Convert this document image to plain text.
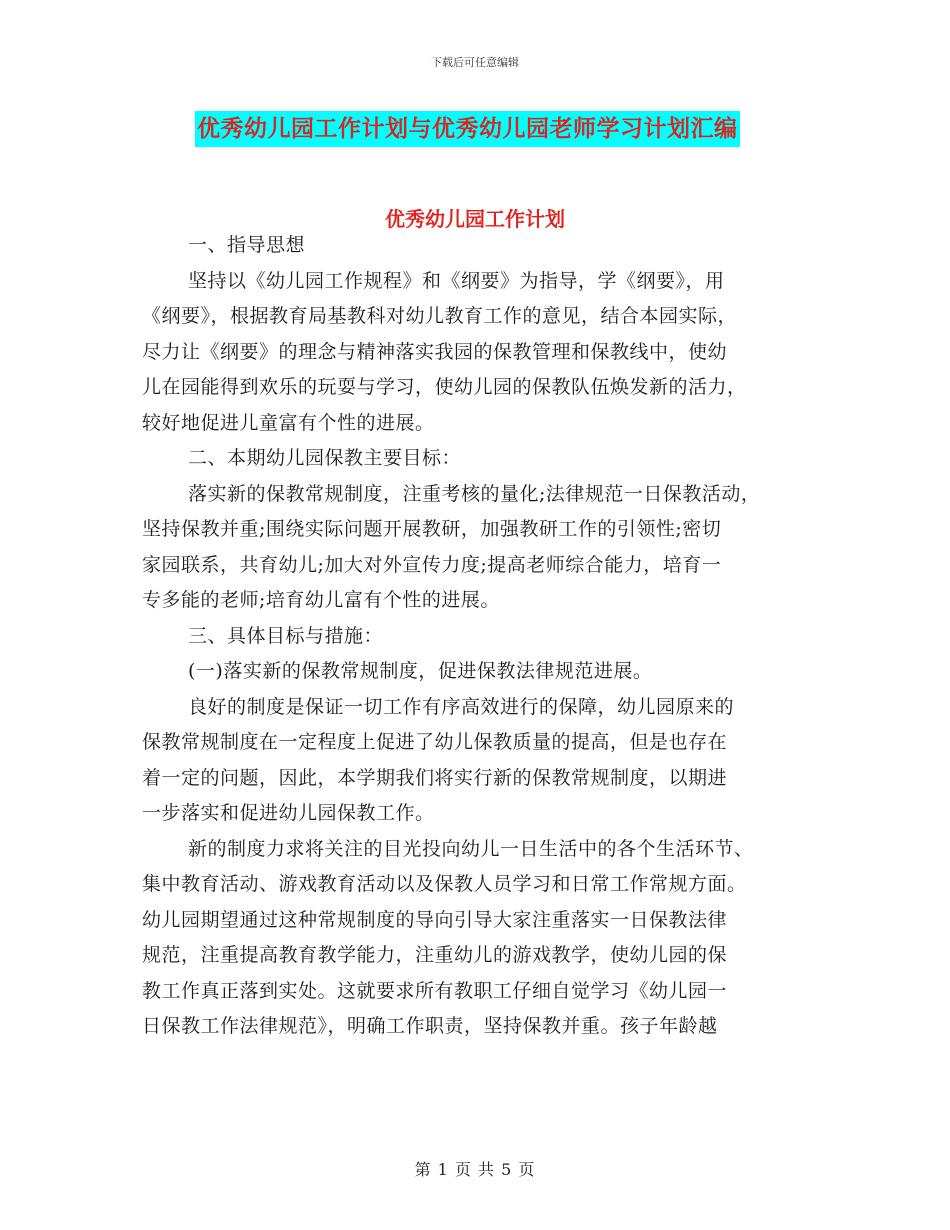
下载后可任意编辑
优秀幼儿园工作计划与优秀幼儿园老师学习计划汇编
优秀幼儿园工作计划
一、指导思想
坚持以《幼儿园工作规程》和《纲要》为指导，学《纲要》，用
《纲要》，根据教育局基教科对幼儿教育工作的意见，结合本园实际，
尽力让《纲要》的理念与精神落实我园的保教管理和保教线中，使幼
儿在园能得到欢乐的玩耍与学习，使幼儿园的保教队伍焕发新的活力，
较好地促进儿童富有个性的进展。
二、本期幼儿园保教主要目标：
落实新的保教常规制度，注重考核的量化;法律规范一日保教活动，
坚持保教并重;围绕实际问题开展教研，加强教研工作的引领性;密切
家园联系，共育幼儿;加大对外宣传力度;提高老师综合能力，培育一
专多能的老师;培育幼儿富有个性的进展。
三、具体目标与措施：
(一)落实新的保教常规制度，促进保教法律规范进展。
良好的制度是保证一切工作有序高效进行的保障，幼儿园原来的
保教常规制度在一定程度上促进了幼儿保教质量的提高，但是也存在
着一定的问题，因此，本学期我们将实行新的保教常规制度，以期进
一步落实和促进幼儿园保教工作。
新的制度力求将关注的目光投向幼儿一日生活中的各个生活环节、
集中教育活动、游戏教育活动以及保教人员学习和日常工作常规方面。
幼儿园期望通过这种常规制度的导向引导大家注重落实一日保教法律
规范，注重提高教育教学能力，注重幼儿的游戏教学，使幼儿园的保
教工作真正落到实处。这就要求所有教职工仔细自觉学习《幼儿园一
日保教工作法律规范》，明确工作职责，坚持保教并重。孩子年龄越
第 1 页 共 5 页
